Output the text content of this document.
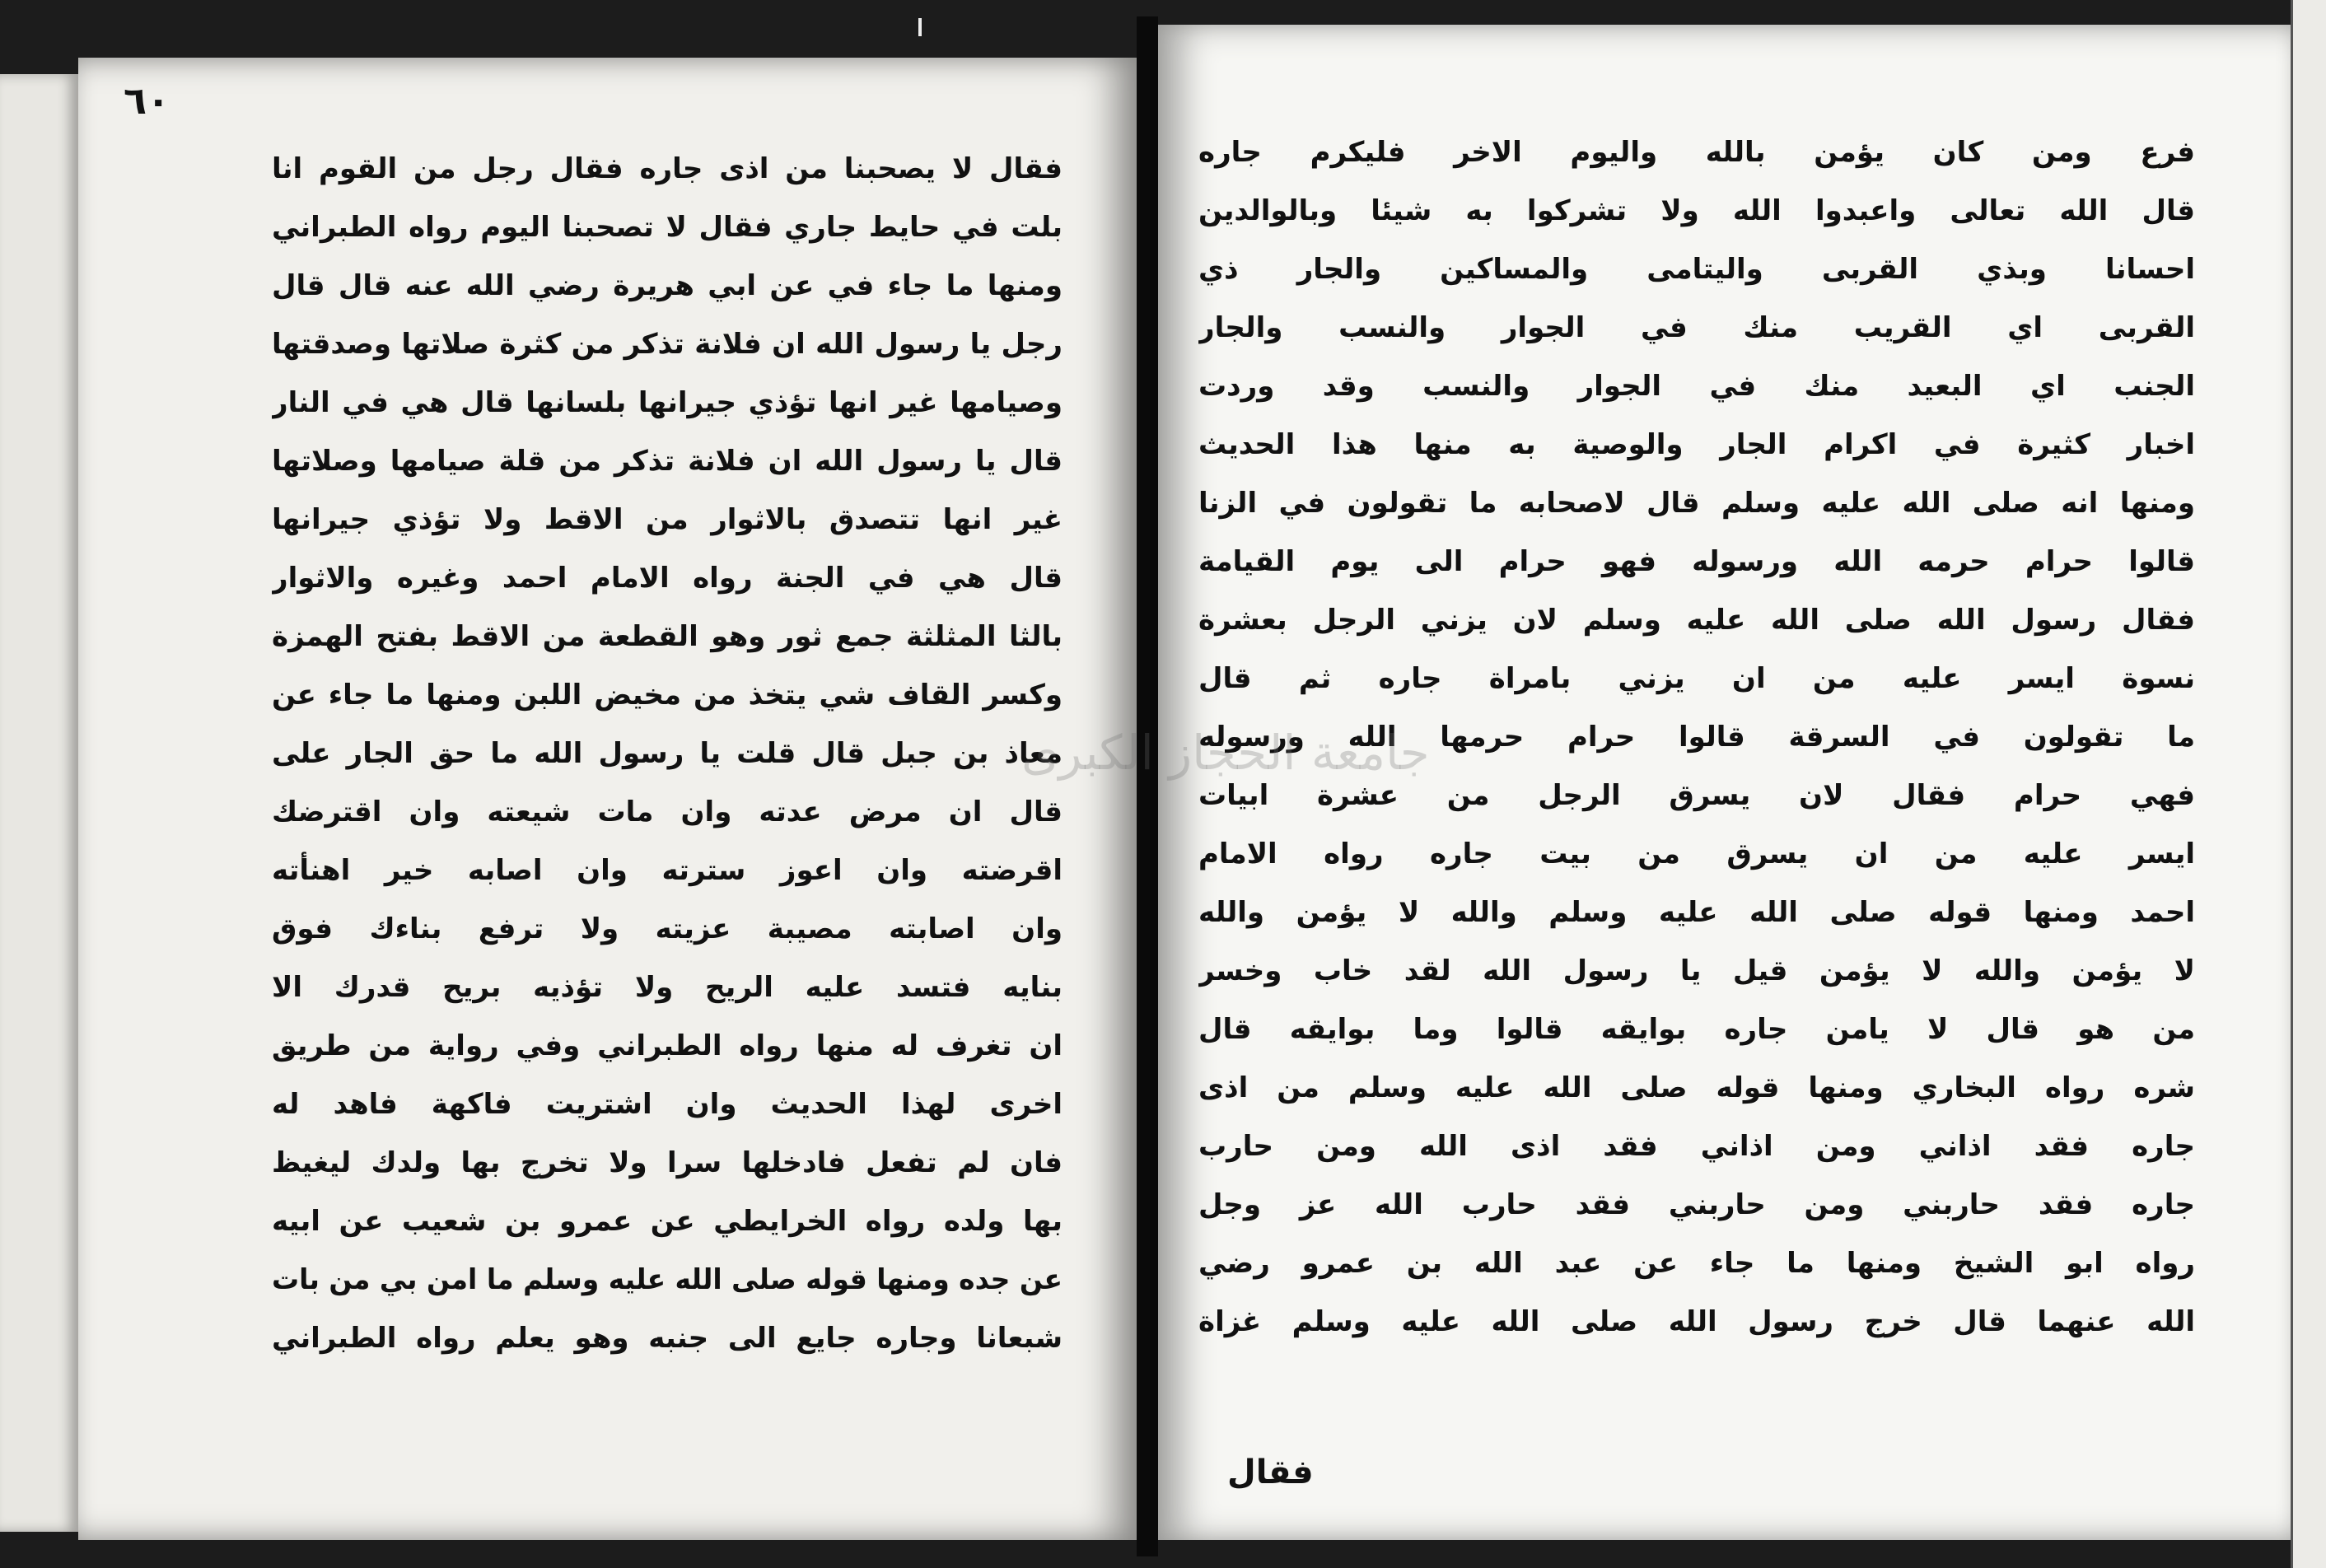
٦٠
فقال لا يصحبنا من اذى جاره فقال رجل من القوم انا
بلت في حايط جاري فقال لا تصحبنا اليوم رواه الطبراني
ومنها ما جاء في عن ابي هريرة رضي الله عنه قال قال
رجل يا رسول الله ان فلانة تذكر من كثرة صلاتها وصدقتها
وصيامها غير انها تؤذي جيرانها بلسانها قال هي في النار
قال يا رسول الله ان فلانة تذكر من قلة صيامها وصلاتها
غير انها تتصدق بالاثوار من الاقط ولا تؤذي جيرانها
قال هي في الجنة رواه الامام احمد وغيره والاثوار
بالثا المثلثة جمع ثور وهو القطعة من الاقط بفتح الهمزة
وكسر القاف شي يتخذ من مخيض اللبن ومنها ما جاء عن
معاذ بن جبل قال قلت يا رسول الله ما حق الجار على
قال ان مرض عدته وان مات شيعته وان اقترضك
اقرضته وان اعوز سترته وان اصابه خير اهنأته
وان اصابته مصيبة عزيته ولا ترفع بناءك فوق
بنايه فتسد عليه الريح ولا تؤذيه بريح قدرك الا
ان تغرف له منها رواه الطبراني وفي رواية من طريق
اخرى لهذا الحديث وان اشتريت فاكهة فاهد له
فان لم تفعل فادخلها سرا ولا تخرج بها ولدك ليغيظ
بها ولده رواه الخرايطي عن عمرو بن شعيب عن ابيه
عن جده ومنها قوله صلى الله عليه وسلم ما امن بي من بات
شبعانا وجاره جايع الى جنبه وهو يعلم رواه الطبراني
فرع ومن كان يؤمن بالله واليوم الاخر فليكرم جاره
قال الله تعالى واعبدوا الله ولا تشركوا به شيئا وبالوالدين
احسانا وبذي القربى واليتامى والمساكين والجار ذي
القربى اي القريب منك في الجوار والنسب والجار
الجنب اي البعيد منك في الجوار والنسب وقد وردت
اخبار كثيرة في اكرام الجار والوصية به منها هذا الحديث
ومنها انه صلى الله عليه وسلم قال لاصحابه ما تقولون في الزنا
قالوا حرام حرمه الله ورسوله فهو حرام الى يوم القيامة
فقال رسول الله صلى الله عليه وسلم لان يزني الرجل بعشرة
نسوة ايسر عليه من ان يزني بامراة جاره ثم قال
ما تقولون في السرقة قالوا حرام حرمها الله ورسوله
فهي حرام فقال لان يسرق الرجل من عشرة ابيات
ايسر عليه من ان يسرق من بيت جاره رواه الامام
احمد ومنها قوله صلى الله عليه وسلم والله لا يؤمن والله
لا يؤمن والله لا يؤمن قيل يا رسول الله لقد خاب وخسر
من هو قال لا يامن جاره بوايقه قالوا وما بوايقه قال
شره رواه البخاري ومنها قوله صلى الله عليه وسلم من اذى
جاره فقد اذاني ومن اذاني فقد اذى الله ومن حارب
جاره فقد حاربني ومن حاربني فقد حارب الله عز وجل
رواه ابو الشيخ ومنها ما جاء عن عبد الله بن عمرو رضي
الله عنهما قال خرج رسول الله صلى الله عليه وسلم غزاة
جامعة الحجاز الكبرى
فقال
